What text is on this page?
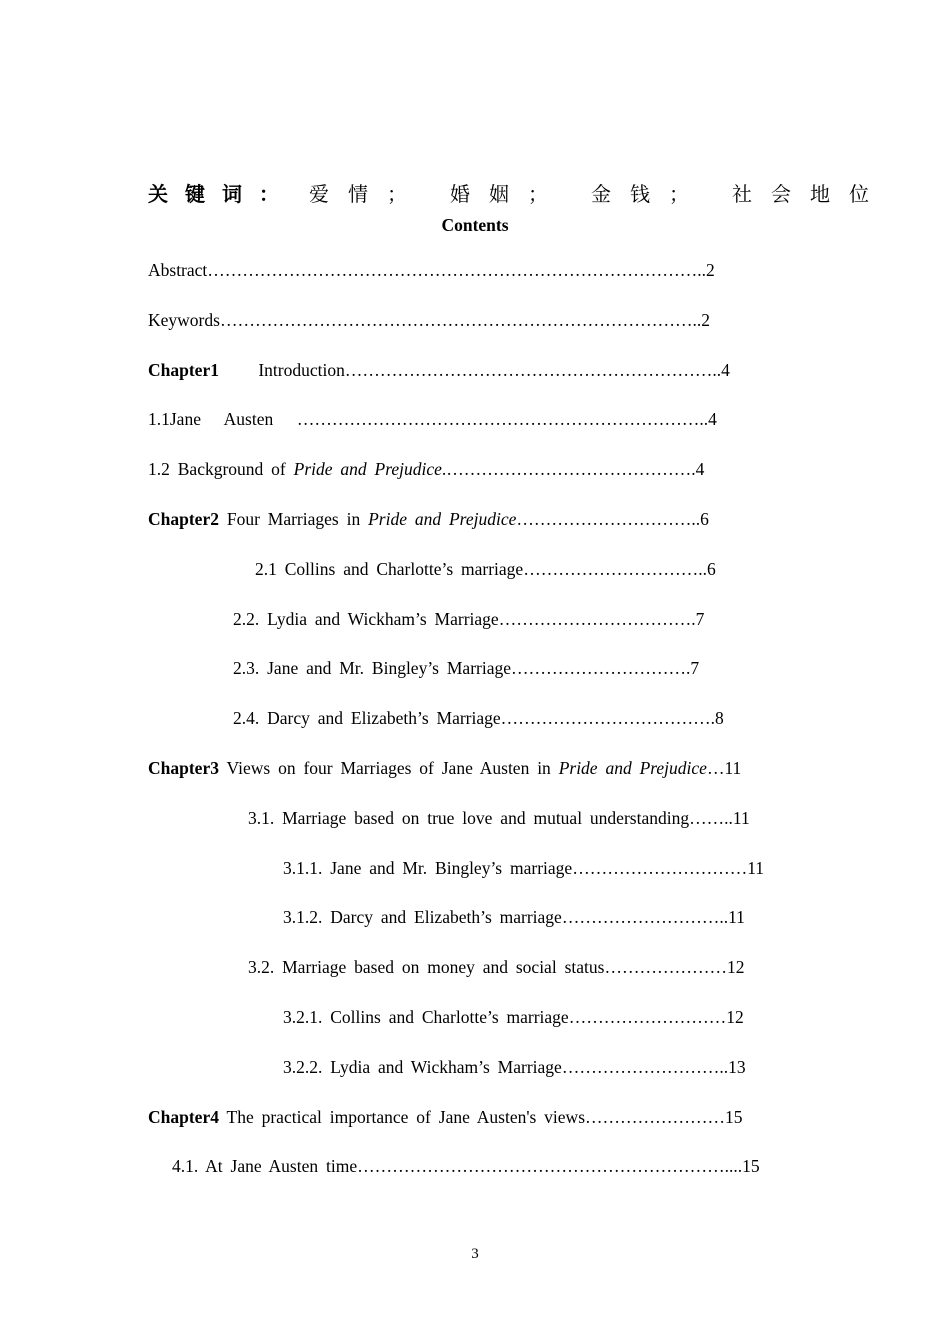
关 键 词 ：  爱 情 ；   婚 姻 ；   金 钱 ；   社 会 地 位
Contents
Abstract…………………………………………………………………………..2
Keywords………………………………………………………………………..2
Chapter1     Introduction………………………………………………………..4
1.1Jane   Austen   ……………………………………………………………..4
1.2 Background of Pride and Prejudice.…………………………………….4
Chapter2 Four Marriages in Pride and Prejudice…………………………..6
2.1 Collins and Charlotte’s marriage…………………………..6
2.2. Lydia and Wickham’s Marriage…………………………….7
2.3. Jane and Mr. Bingley’s Marriage………………………….7
2.4. Darcy and Elizabeth’s Marriage……………………………….8
Chapter3 Views on four Marriages of Jane Austen in Pride and Prejudice…11
3.1. Marriage based on true love and mutual understanding……..11
3.1.1. Jane and Mr. Bingley’s marriage…………………………11
3.1.2. Darcy and Elizabeth’s marriage………………………..11
3.2. Marriage based on money and social status…………………12
3.2.1. Collins and Charlotte’s marriage………………………12
3.2.2. Lydia and Wickham’s Marriage………………………..13
Chapter4 The practical importance of Jane Austen's views……………………15
4.1. At Jane Austen time………………………………………………………....15
3
